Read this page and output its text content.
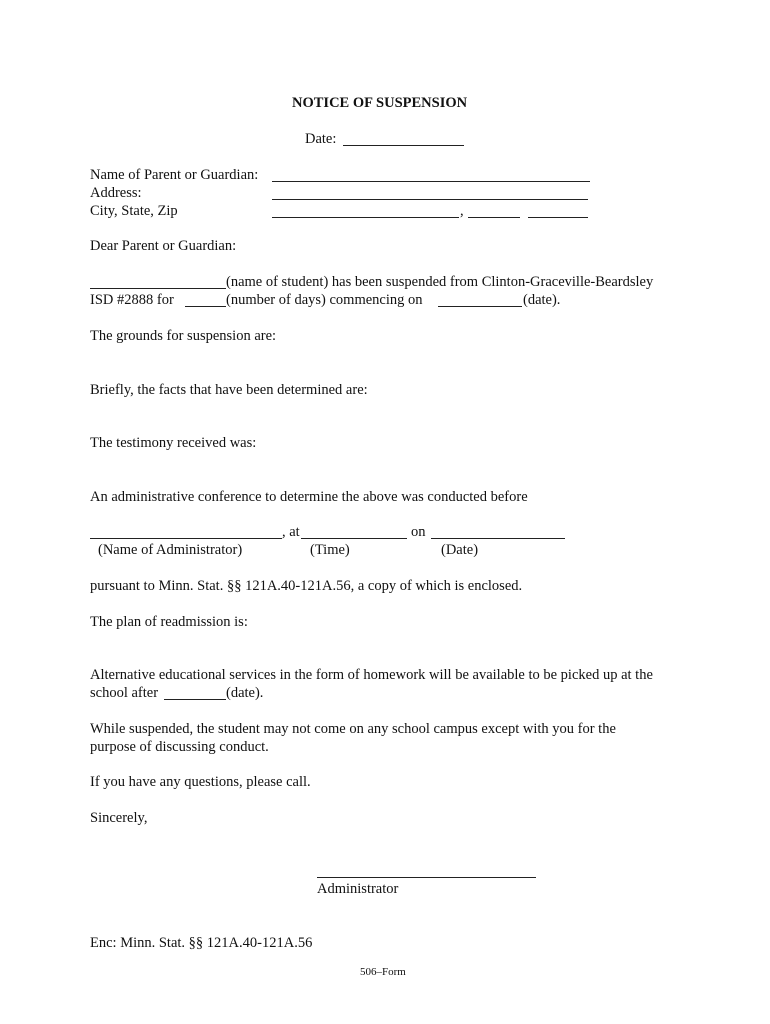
NOTICE OF SUSPENSION
Date:
Name of Parent or Guardian:
Address:
City, State, Zip	,
Dear Parent or Guardian:
(name of student) has been suspended from Clinton-Graceville-Beardsley
ISD #2888 for	(number of days) commencing on	(date).
The grounds for suspension are:
Briefly, the facts that have been determined are:
The testimony received was:
An administrative conference to determine the above was conducted before
, at	on
(Name of Administrator)	(Time)	(Date)
pursuant to Minn. Stat. §§ 121A.40-121A.56, a copy of which is enclosed.
The plan of readmission is:
Alternative educational services in the form of homework will be available to be picked up at the
school after	(date).
While suspended, the student may not come on any school campus except with you for the
purpose of discussing conduct.
If you have any questions, please call.
Sincerely,
Administrator
Enc: Minn. Stat. §§ 121A.40-121A.56
506–Form
